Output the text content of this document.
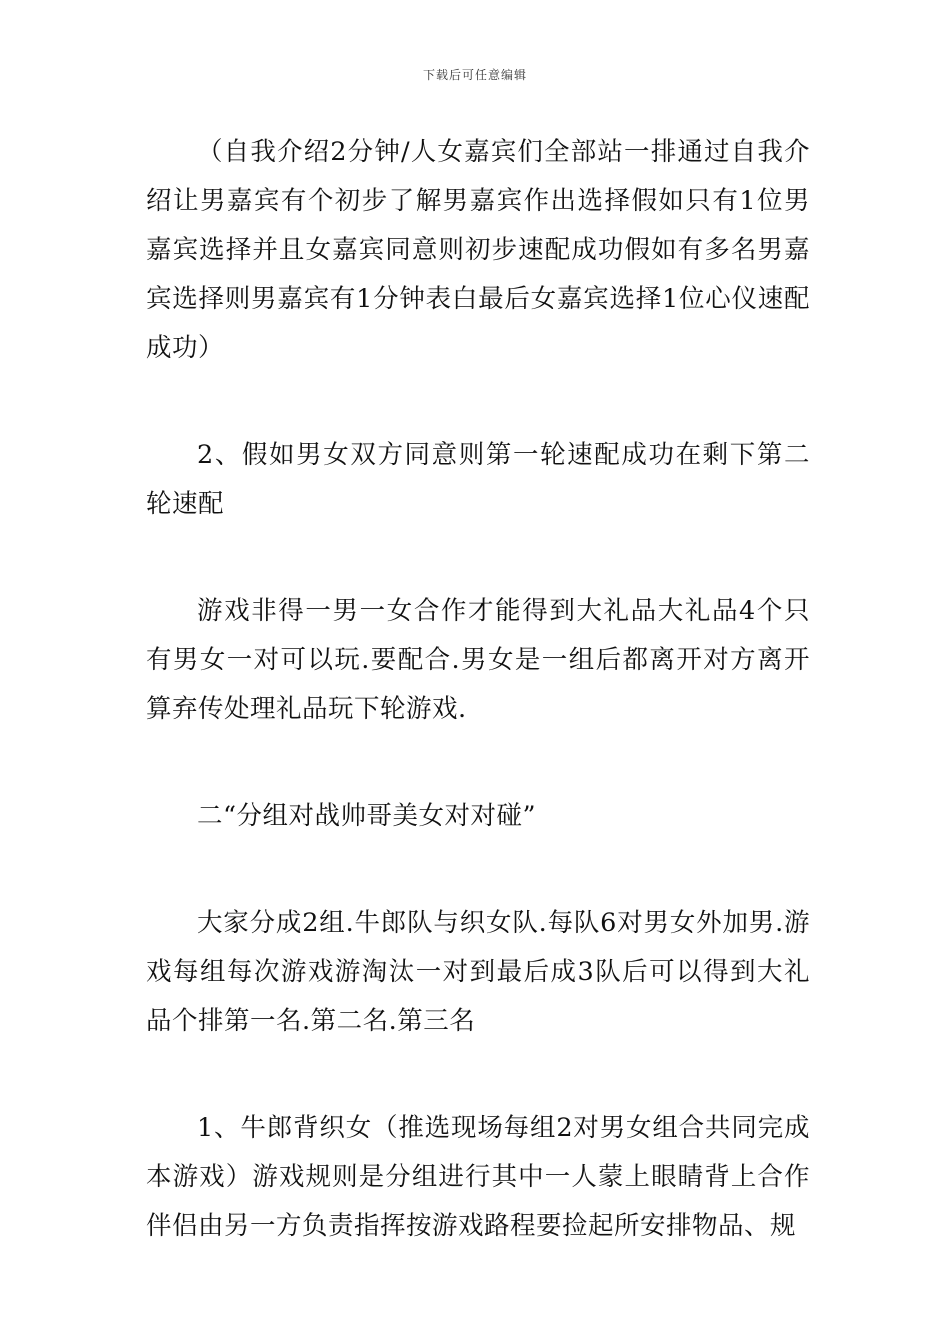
下载后可任意编辑

（自我介绍2分钟/人女嘉宾们全部站一排通过自我介绍让男嘉宾有个初步了解男嘉宾作出选择假如只有1位男嘉宾选择并且女嘉宾同意则初步速配成功假如有多名男嘉宾选择则男嘉宾有1分钟表白最后女嘉宾选择1位心仪速配成功）

2、假如男女双方同意则第一轮速配成功在剩下第二轮速配

游戏非得一男一女合作才能得到大礼品大礼品4个只有男女一对可以玩.要配合.男女是一组后都离开对方离开算弃传处理礼品玩下轮游戏.

二“分组对战帅哥美女对对碰”

大家分成2组.牛郎队与织女队.每队6对男女外加男.游戏每组每次游戏游淘汰一对到最后成3队后可以得到大礼品个排第一名.第二名.第三名

1、牛郎背织女（推选现场每组2对男女组合共同完成本游戏）游戏规则是分组进行其中一人蒙上眼睛背上合作伴侣由另一方负责指挥按游戏路程要捡起所安排物品、规
